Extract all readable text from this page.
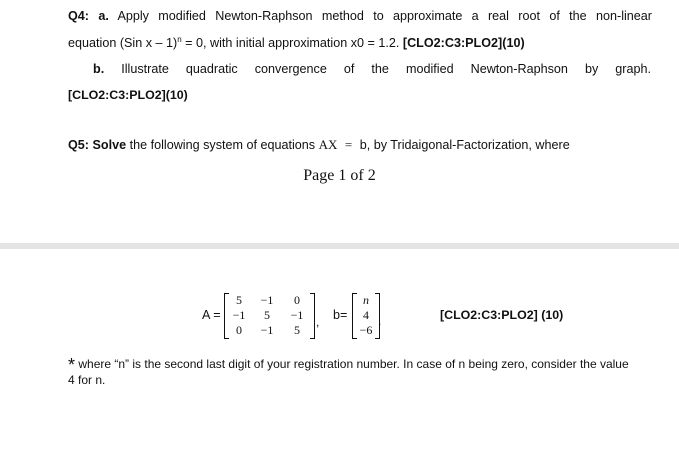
Q4: a. Apply modified Newton-Raphson method to approximate a real root of the non-linear
equation (Sin x – 1)$^n$ = 0, with initial approximation x0 = 1.2. [CLO2:C3:PLO2](10)
b. Illustrate quadratic convergence of the modified Newton-Raphson by graph.
[CLO2:C3:PLO2](10)
Q5: Solve the following system of equations AX = b, by Tridaigonal-Factorization, where
Page 1 of 2
A =
5	−1	0
−1	5	−1
0	−1	5
, b=
n
4
−6
.	[CLO2:C3:PLO2] (10)
* where “n” is the second last digit of your registration number. In case of n being zero, consider the value
4 for n.
